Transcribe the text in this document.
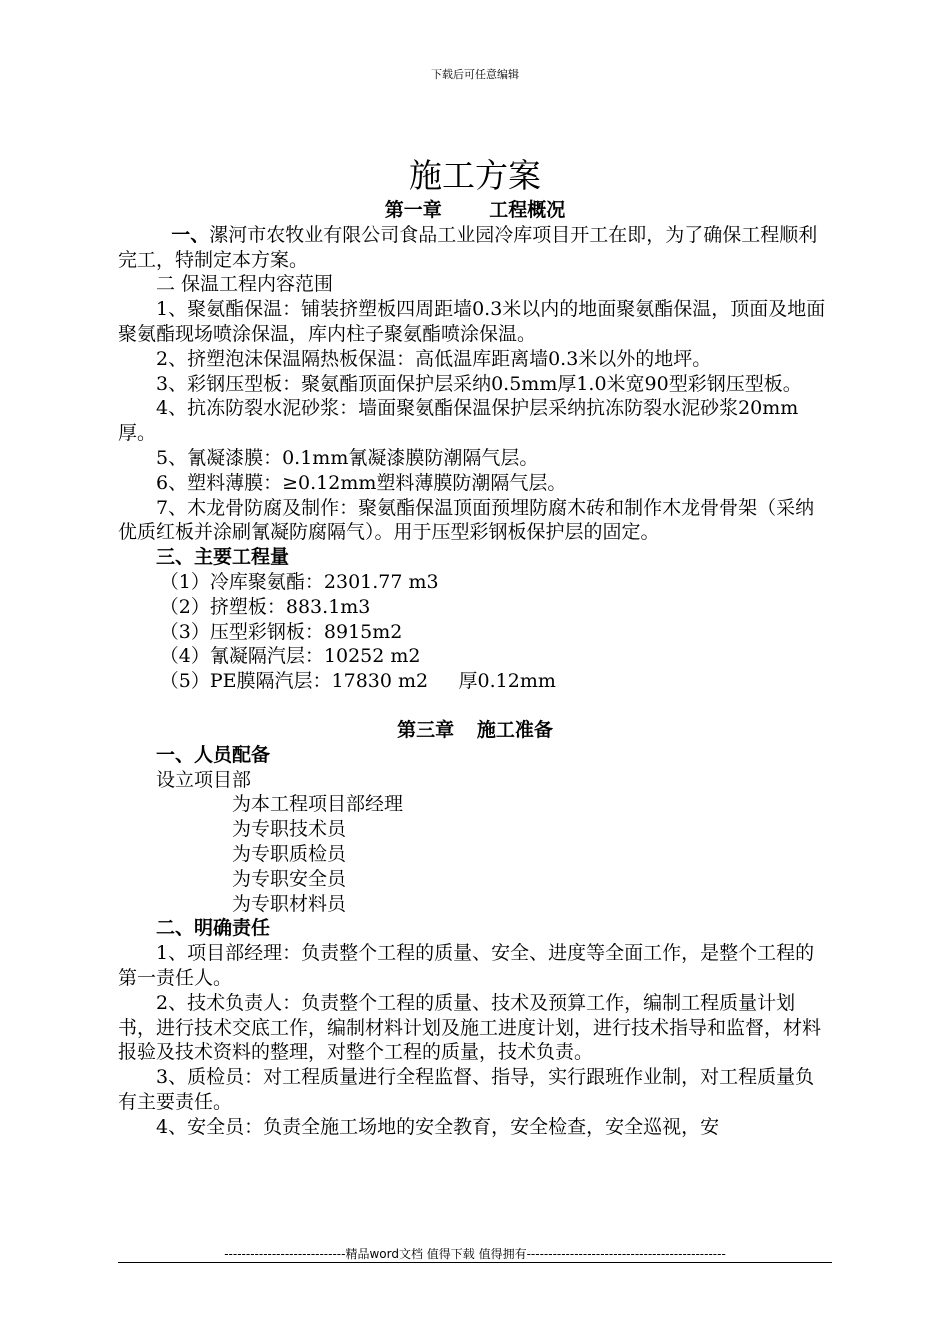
下载后可任意编辑
施工方案

第一章	工程概况

一、漯河市农牧业有限公司食品工业园冷库项目开工在即，为了确保工程顺利完工，特制定本方案。

二 保温工程内容范围

1、聚氨酯保温：铺装挤塑板四周距墙0.3米以内的地面聚氨酯保温，顶面及地面聚氨酯现场喷涂保温，库内柱子聚氨酯喷涂保温。

2、挤塑泡沫保温隔热板保温：高低温库距离墙0.3米以外的地坪。

3、彩钢压型板：聚氨酯顶面保护层采纳0.5mm厚1.0米宽90型彩钢压型板。

4、抗冻防裂水泥砂浆：墙面聚氨酯保温保护层采纳抗冻防裂水泥砂浆20mm厚。

5、氰凝漆膜：0.1mm氰凝漆膜防潮隔气层。

6、塑料薄膜：≥0.12mm塑料薄膜防潮隔气层。

7、木龙骨防腐及制作：聚氨酯保温顶面预埋防腐木砖和制作木龙骨骨架（采纳优质红板并涂刷氰凝防腐隔气）。用于压型彩钢板保护层的固定。

三、主要工程量

（1）冷库聚氨酯：2301.77 m3

（2）挤塑板：883.1m3

（3）压型彩钢板：8915m2

（4）氰凝隔汽层：10252 m2

（5）PE膜隔汽层：17830 m2 厚0.12mm

第三章 施工准备

一、人员配备

设立项目部

为本工程项目部经理

为专职技术员

为专职质检员

为专职安全员

为专职材料员

二、明确责任

1、项目部经理：负责整个工程的质量、安全、进度等全面工作，是整个工程的第一责任人。

2、技术负责人：负责整个工程的质量、技术及预算工作，编制工程质量计划书，进行技术交底工作，编制材料计划及施工进度计划，进行技术指导和监督，材料报验及技术资料的整理，对整个工程的质量，技术负责。

3、质检员：对工程质量进行全程监督、指导，实行跟班作业制，对工程质量负有主要责任。

4、安全员：负责全施工场地的安全教育，安全检查，安全巡视，安

----------------------------精品word文档 值得下载 值得拥有----------------------------------------------
